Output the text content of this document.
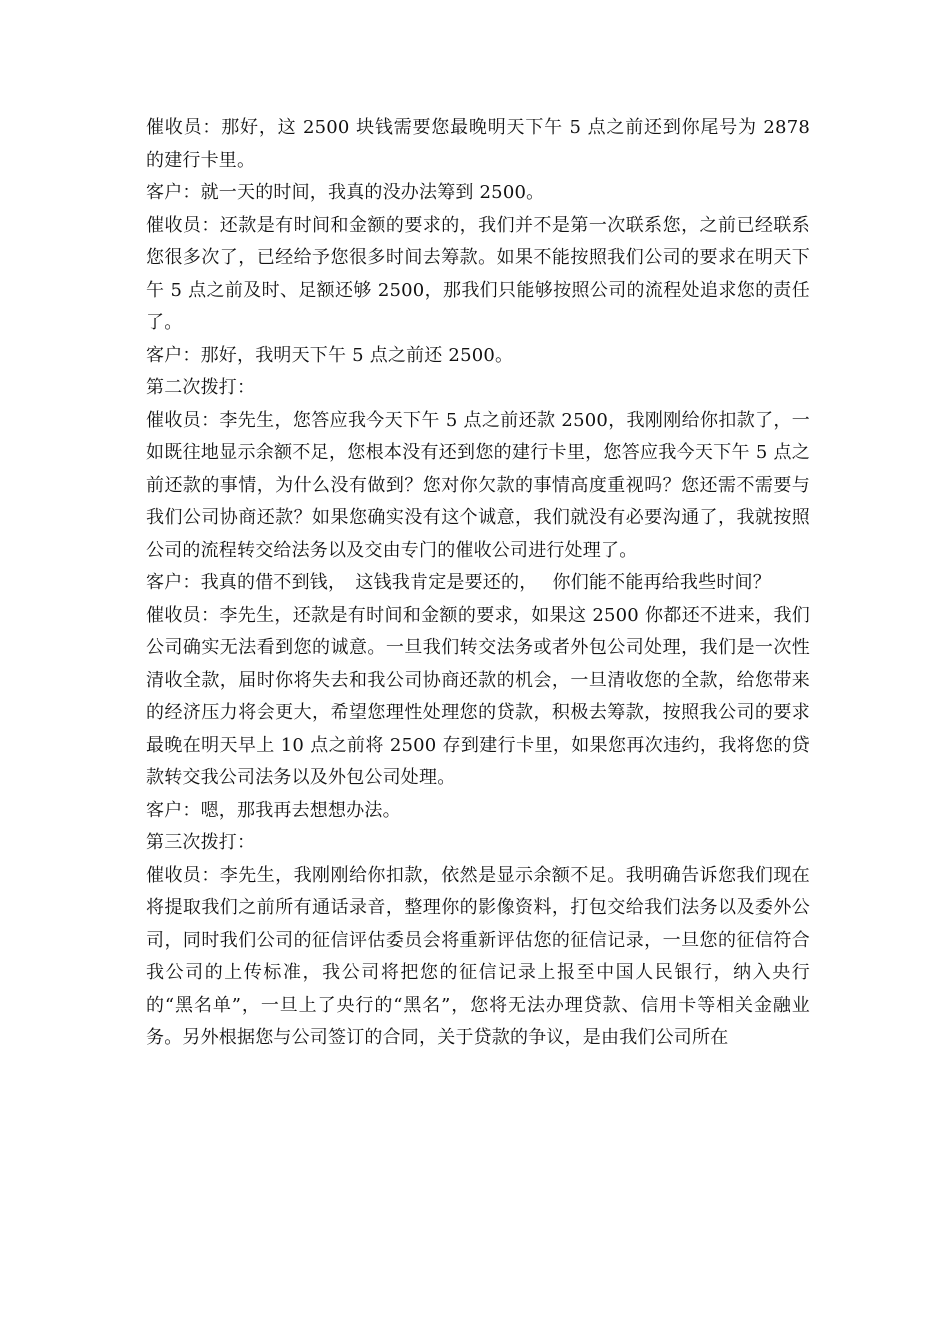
催收员：那好，这 2500 块钱需要您最晚明天下午 5 点之前还到你尾号为 2878 的建行卡里。

客户：就一天的时间，我真的没办法筹到 2500。

催收员：还款是有时间和金额的要求的，我们并不是第一次联系您，之前已经联系您很多次了，已经给予您很多时间去筹款。如果不能按照我们公司的要求在明天下午 5 点之前及时、足额还够 2500，那我们只能够按照公司的流程处追求您的责任了。

客户：那好，我明天下午 5 点之前还 2500。

第二次拨打：

催收员：李先生，您答应我今天下午 5 点之前还款 2500，我刚刚给你扣款了，一如既往地显示余额不足，您根本没有还到您的建行卡里，您答应我今天下午 5 点之前还款的事情，为什么没有做到？您对你欠款的事情高度重视吗？您还需不需要与我们公司协商还款？如果您确实没有这个诚意，我们就没有必要沟通了，我就按照公司的流程转交给法务以及交由专门的催收公司进行处理了。

客户：我真的借不到钱，　这钱我肯定是要还的，　 你们能不能再给我些时间？

催收员：李先生，还款是有时间和金额的要求，如果这 2500 你都还不进来，我们公司确实无法看到您的诚意。一旦我们转交法务或者外包公司处理，我们是一次性清收全款，届时你将失去和我公司协商还款的机会，一旦清收您的全款，给您带来的经济压力将会更大，希望您理性处理您的贷款，积极去筹款，按照我公司的要求最晚在明天早上 10 点之前将 2500 存到建行卡里，如果您再次违约，我将您的贷款转交我公司法务以及外包公司处理。

客户：嗯，那我再去想想办法。

第三次拨打：

催收员：李先生，我刚刚给你扣款，依然是显示余额不足。我明确告诉您我们现在将提取我们之前所有通话录音，整理你的影像资料，打包交给我们法务以及委外公司，同时我们公司的征信评估委员会将重新评估您的征信记录，一旦您的征信符合我公司的上传标准，我公司将把您的征信记录上报至中国人民银行，纳入央行的“黑名单”，一旦上了央行的“黑名”，您将无法办理贷款、信用卡等相关金融业务。另外根据您与公司签订的合同，关于贷款的争议，是由我们公司所在
